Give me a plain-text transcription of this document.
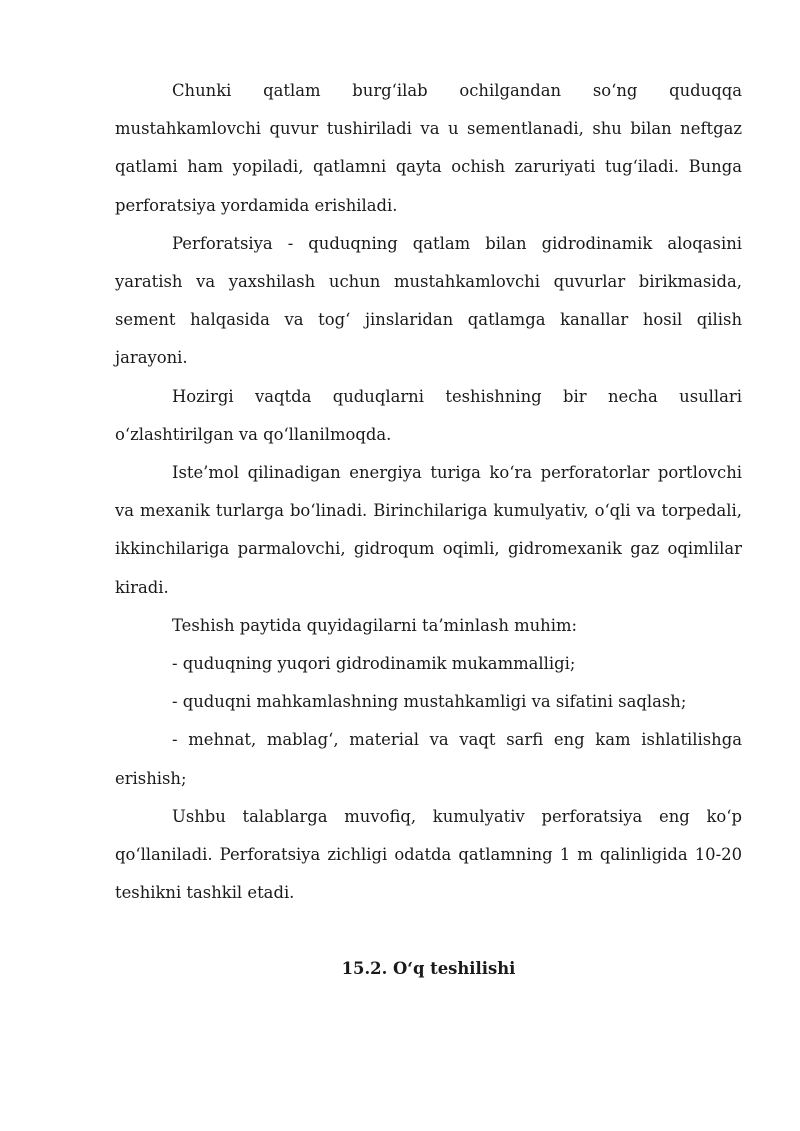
Chunki qatlam burg‘ilab ochilgandan so‘ng quduqqa mustahkamlovchi quvur tushiriladi va u sementlanadi, shu bilan neftgaz qatlami ham yopiladi, qatlamni qayta ochish zaruriyati tug‘iladi. Bunga perforatsiya yordamida erishiladi.

Perforatsiya - quduqning qatlam bilan gidrodinamik aloqasini yaratish va yaxshilash uchun mustahkamlovchi quvurlar birikmasida, sement halqasida va tog‘ jinslaridan qatlamga kanallar hosil qilish jarayoni.

Hozirgi vaqtda quduqlarni teshishning bir necha usullari o‘zlashtirilgan va qo‘llanilmoqda.

Iste’mol qilinadigan energiya turiga ko‘ra perforatorlar portlovchi va mexanik turlarga bo‘linadi. Birinchilariga kumulyativ, o‘qli va torpedali, ikkinchilariga parmalovchi, gidroqum oqimli, gidromexanik gaz oqimlilar kiradi.

Teshish paytida quyidagilarni ta’minlash muhim:

- quduqning yuqori gidrodinamik mukammalligi;

- quduqni mahkamlashning mustahkamligi va sifatini saqlash;

- mehnat, mablag‘, material va vaqt sarfi eng kam ishlatilishga erishish;

Ushbu talablarga muvofiq, kumulyativ perforatsiya eng ko‘p qo‘llaniladi. Perforatsiya zichligi odatda qatlamning 1 m qalinligida 10-20 teshikni tashkil etadi.

15.2. O‘q teshilishi
